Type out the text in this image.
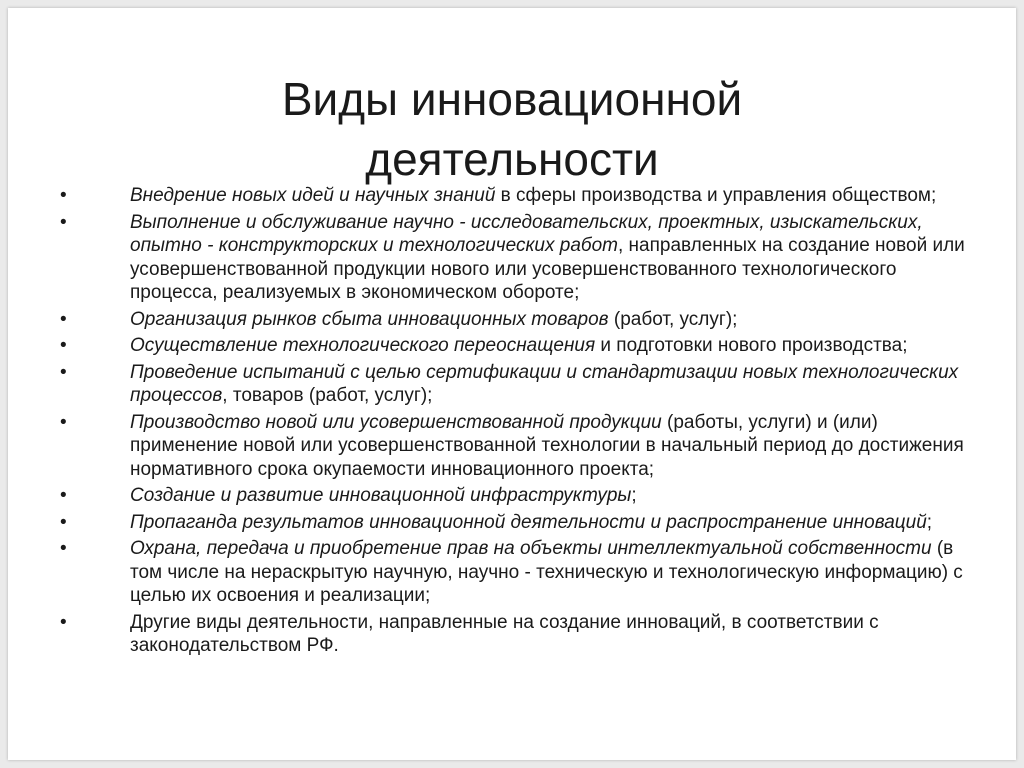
Виды инновационной
деятельности
•	Внедрение новых идей и научных знаний в сферы производства и управления обществом;
•	Выполнение и обслуживание научно - исследовательских, проектных, изыскательских, опытно - конструкторских и технологических работ, направленных на создание новой или усовершенствованной продукции нового или усовершенствованного технологического процесса, реализуемых в экономическом обороте;
•	Организация рынков сбыта инновационных товаров (работ, услуг);
•	Осуществление технологического переоснащения и подготовки нового производства;
•	Проведение испытаний с целью сертификации и стандартизации новых технологических процессов, товаров (работ, услуг);
•	Производство новой или усовершенствованной продукции (работы, услуги) и (или) применение новой или усовершенствованной технологии в начальный период до достижения нормативного срока окупаемости инновационного проекта;
•	Создание и развитие инновационной инфраструктуры;
•	Пропаганда результатов инновационной деятельности и распространение инноваций;
•	Охрана, передача и приобретение прав на объекты интеллектуальной собственности (в том числе на нераскрытую научную, научно - техническую и технологическую информацию) с целью их освоения и реализации;
•	Другие виды деятельности, направленные на создание инноваций, в соответствии с законодательством РФ.
